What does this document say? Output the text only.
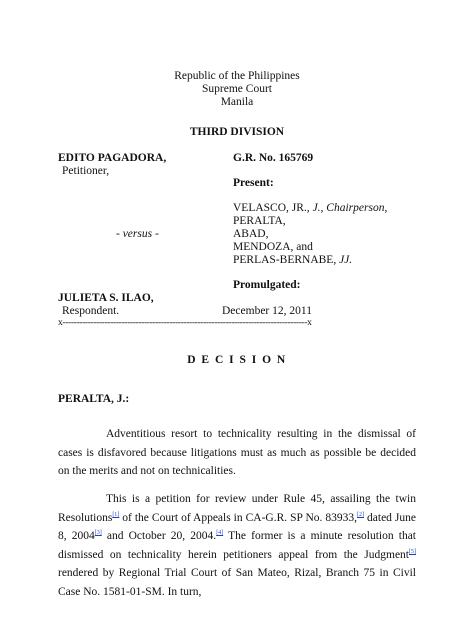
Republic of the Philippines
Supreme Court
Manila
THIRD DIVISION
EDITO PAGADORA,
Petitioner,
- versus -
JULIETA S. ILAO,
Respondent.
G.R. No. 165769
Present:
VELASCO, JR., J., Chairperson,
PERALTA,
ABAD,
MENDOZA, and
PERLAS-BERNABE, JJ.
Promulgated:
December 12, 2011
x---------------------------------------------------------------------------------------x
D E C I S I O N
PERALTA, J.:

Adventitious resort to technicality resulting in the dismissal of cases is disfavored because litigations must as much as possible be decided on the merits and not on technicalities.

This is a petition for review under Rule 45, assailing the twin Resolutions[1] of the Court of Appeals in CA-G.R. SP No. 83933,[2] dated June 8, 2004[3] and October 20, 2004.[4] The former is a minute resolution that dismissed on technicality herein petitioners appeal from the Judgment[5] rendered by Regional Trial Court of San Mateo, Rizal, Branch 75 in Civil Case No. 1581-01-SM. In turn,
